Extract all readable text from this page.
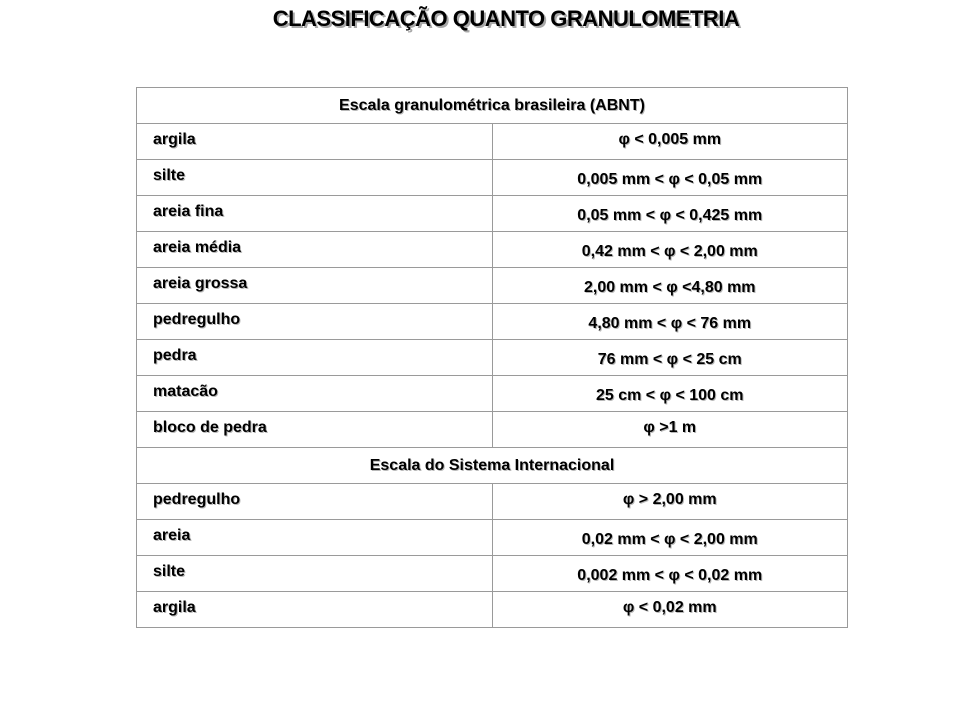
CLASSIFICAÇÃO QUANTO GRANULOMETRIA
Escala granulométrica brasileira (ABNT)	
argila	φ < 0,005 mm
silte	0,005 mm < φ < 0,05 mm
areia fina	0,05 mm < φ < 0,425 mm
areia média	0,42 mm < φ < 2,00 mm
areia grossa	2,00 mm < φ <4,80 mm
pedregulho	4,80 mm < φ < 76 mm
pedra	76 mm < φ < 25 cm
matacão	25 cm < φ < 100 cm
bloco de pedra	φ >1 m
Escala do Sistema Internacional	
pedregulho	φ > 2,00 mm
areia	0,02 mm < φ < 2,00 mm
silte	0,002 mm < φ < 0,02 mm
argila	φ < 0,02 mm
